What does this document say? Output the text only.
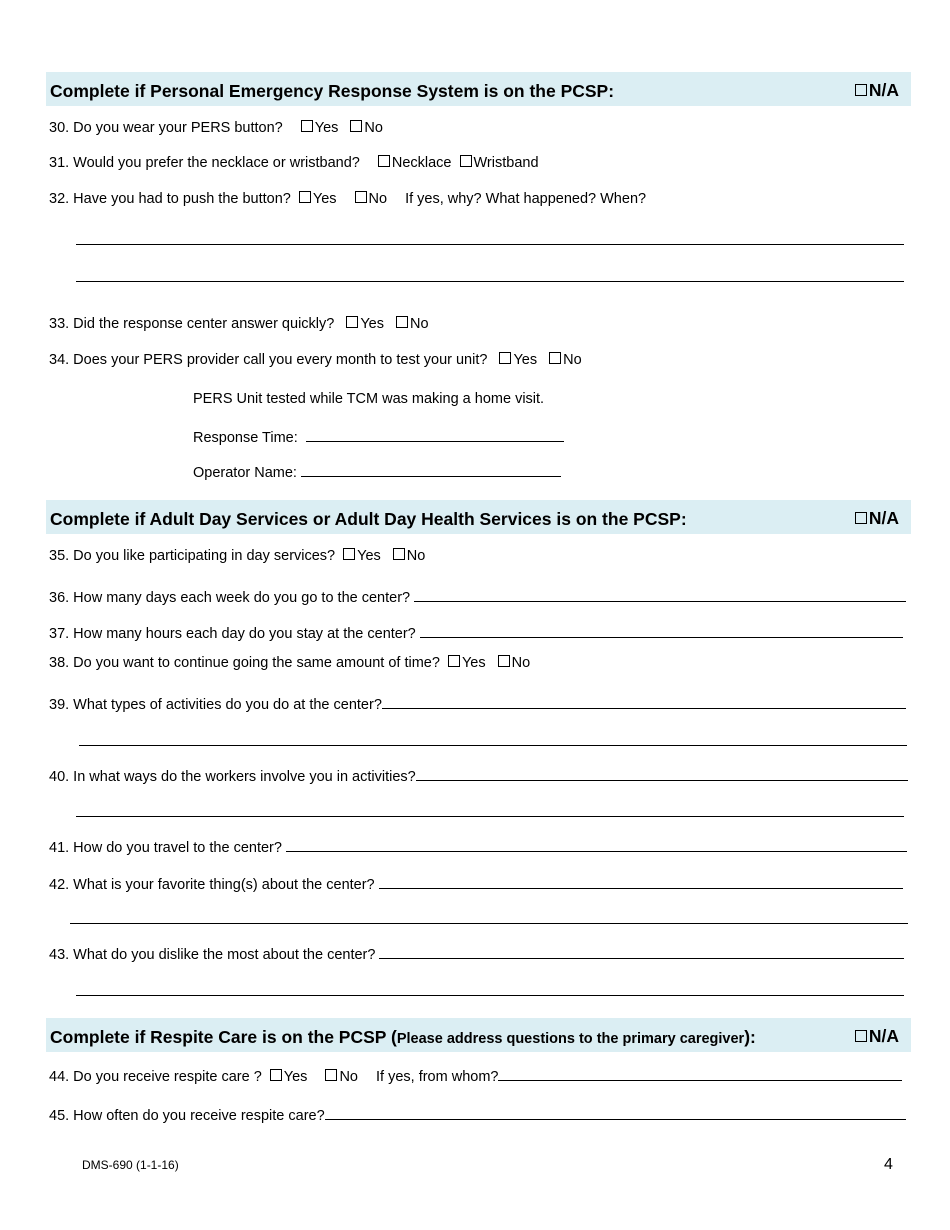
Complete if Personal Emergency Response System is on the PCSP:	N/A
30. Do you wear your PERS button? Yes No
31. Would you prefer the necklace or wristband? Necklace Wristband
32. Have you had to push the button? Yes No If yes, why? What happened? When?
33. Did the response center answer quickly? Yes No
34. Does your PERS provider call you every month to test your unit? Yes No
PERS Unit tested while TCM was making a home visit.
Response Time:
Operator Name:
Complete if Adult Day Services or Adult Day Health Services is on the PCSP:	N/A
35. Do you like participating in day services? Yes No
36. How many days each week do you go to the center?
37. How many hours each day do you stay at the center?
38. Do you want to continue going the same amount of time? Yes No
39. What types of activities do you do at the center?
40. In what ways do the workers involve you in activities?
41. How do you travel to the center?
42. What is your favorite thing(s) about the center?
43. What do you dislike the most about the center?
Complete if Respite Care is on the PCSP (Please address questions to the primary caregiver):	N/A
44. Do you receive respite care ? Yes No If yes, from whom?
45. How often do you receive respite care?
DMS-690 (1-1-16)	4
